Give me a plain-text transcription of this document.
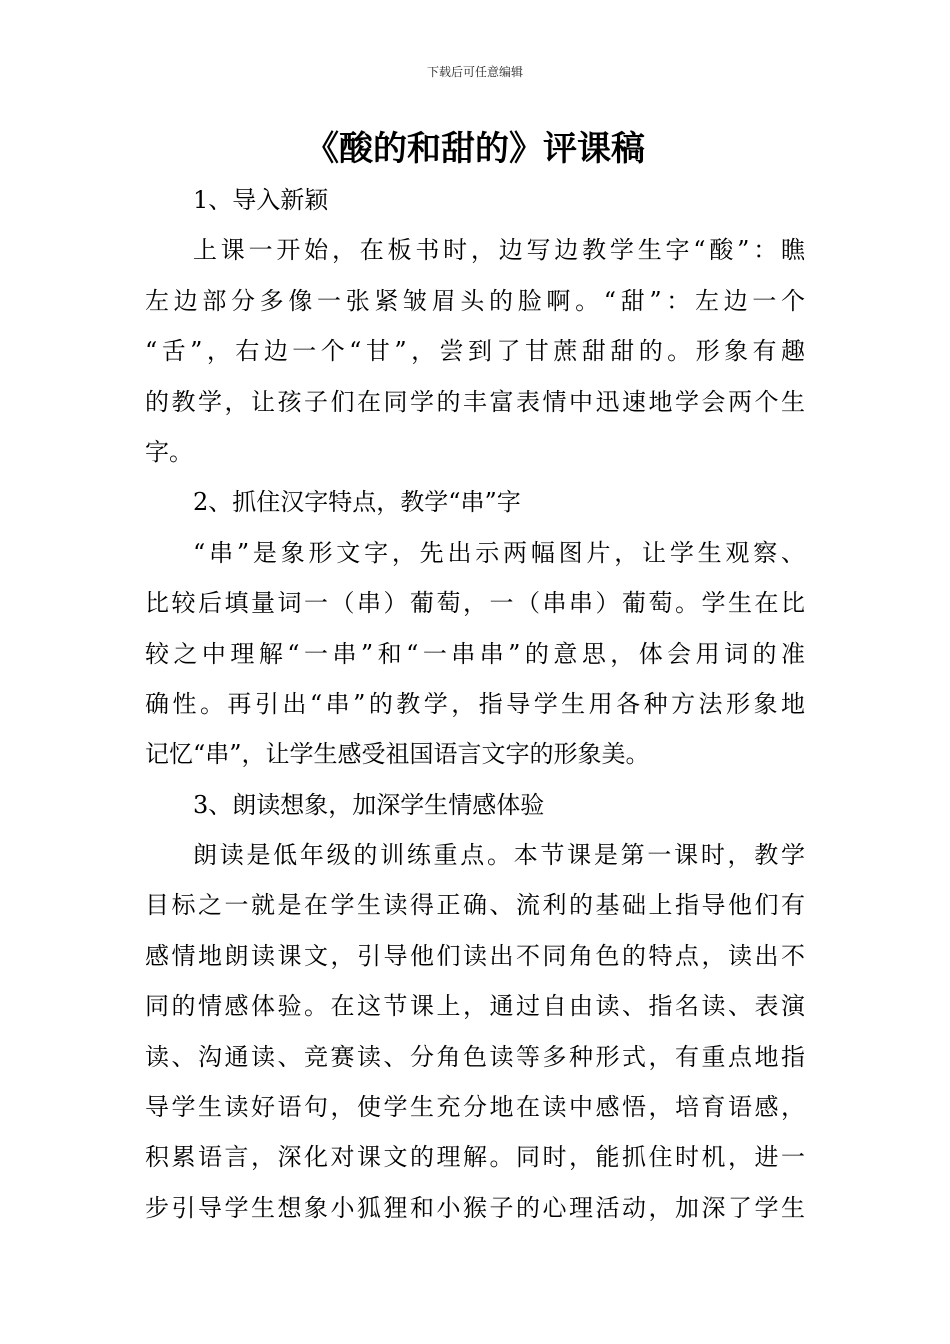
下载后可任意编辑
《酸的和甜的》评课稿
1、导入新颖
上课一开始，在板书时，边写边教学生字“酸”：瞧
左边部分多像一张紧皱眉头的脸啊。“甜”：左边一个
“舌”，右边一个“甘”，尝到了甘蔗甜甜的。形象有趣
的教学，让孩子们在同学的丰富表情中迅速地学会两个生
字。
2、抓住汉字特点，教学“串”字
“串”是象形文字，先出示两幅图片，让学生观察、
比较后填量词一（串）葡萄，一（串串）葡萄。学生在比
较之中理解“一串”和“一串串”的意思，体会用词的准
确性。再引出“串”的教学，指导学生用各种方法形象地
记忆“串”，让学生感受祖国语言文字的形象美。
3、朗读想象，加深学生情感体验
朗读是低年级的训练重点。本节课是第一课时，教学
目标之一就是在学生读得正确、流利的基础上指导他们有
感情地朗读课文，引导他们读出不同角色的特点，读出不
同的情感体验。在这节课上，通过自由读、指名读、表演
读、沟通读、竞赛读、分角色读等多种形式，有重点地指
导学生读好语句，使学生充分地在读中感悟，培育语感，
积累语言，深化对课文的理解。同时，能抓住时机，进一
步引导学生想象小狐狸和小猴子的心理活动，加深了学生
